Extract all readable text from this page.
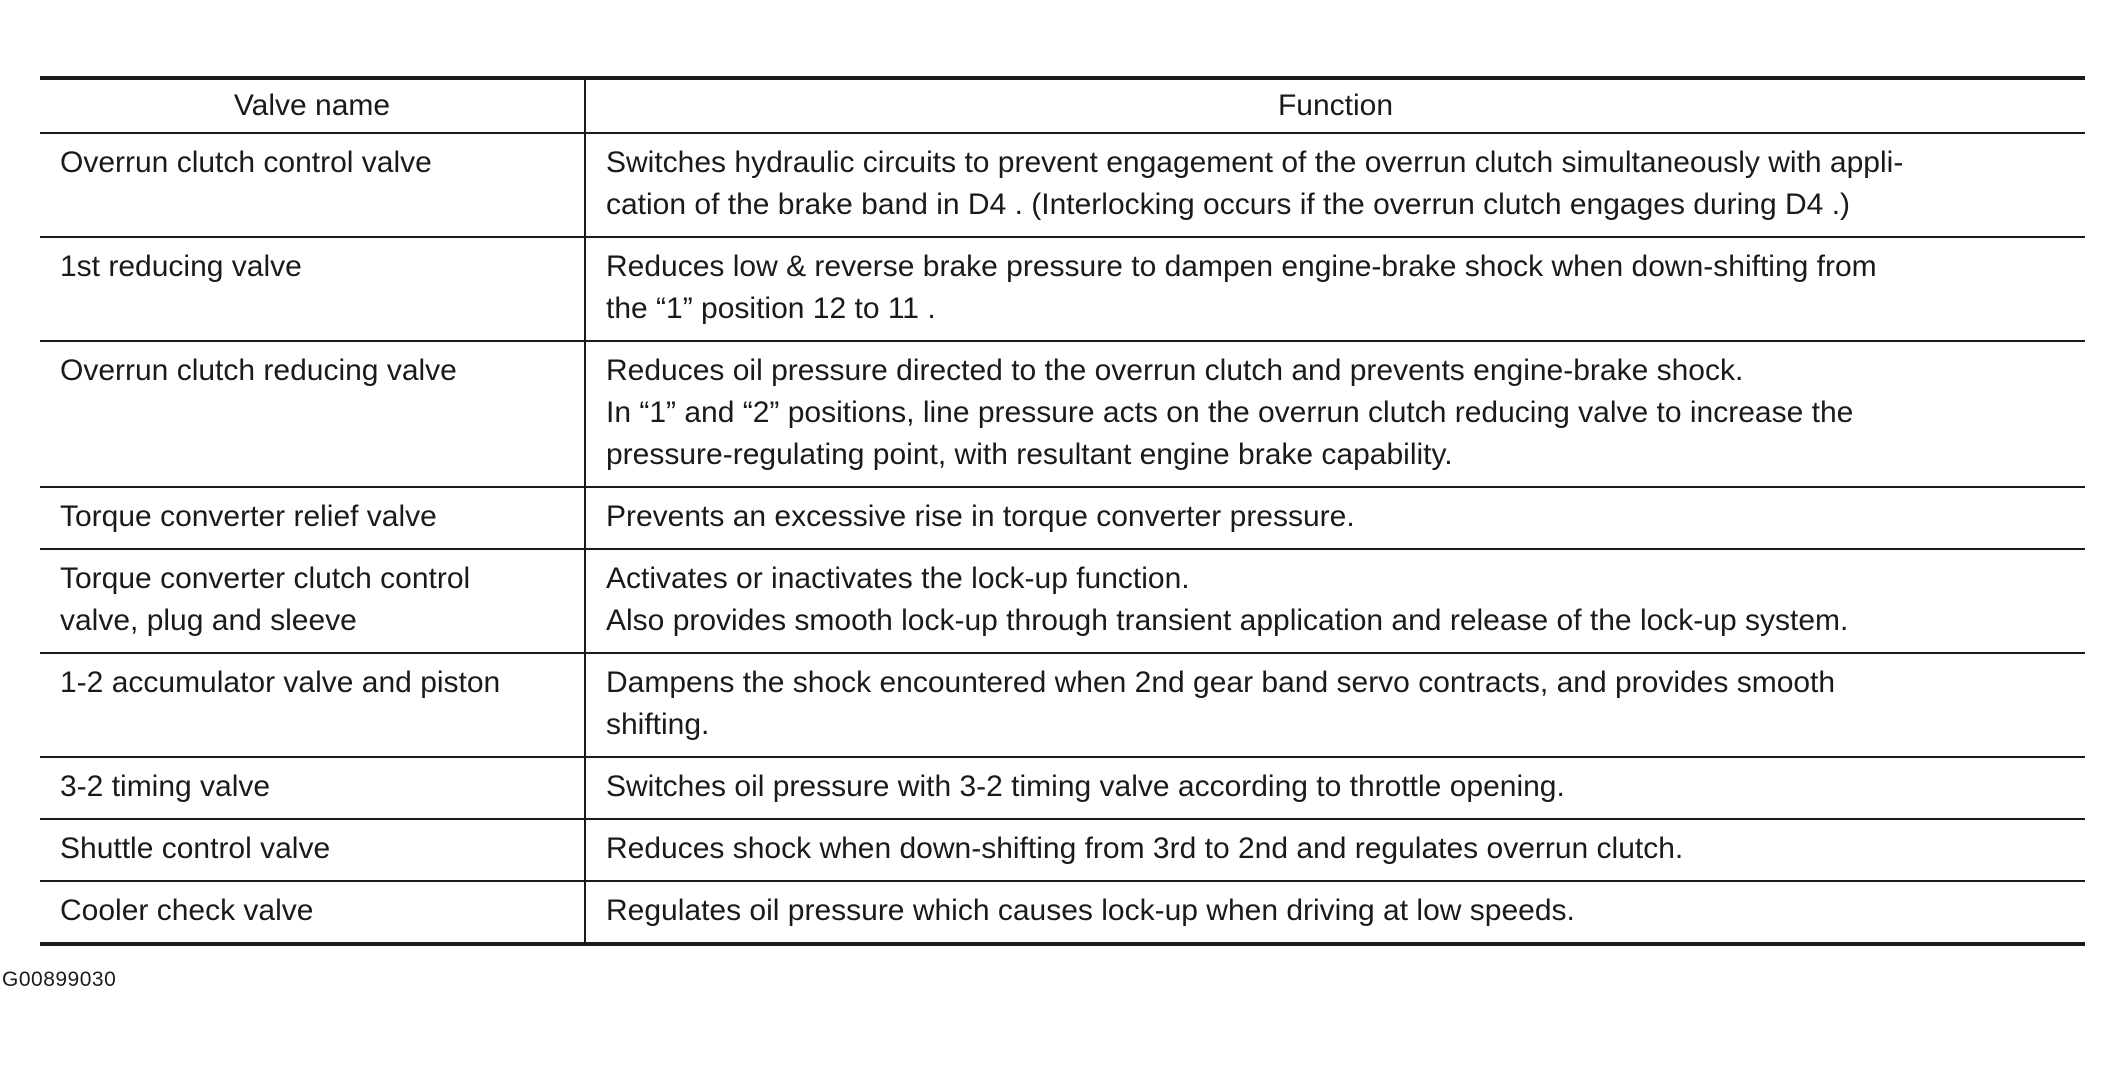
Valve name	Function

Overrun clutch control valve	Switches hydraulic circuits to prevent engagement of the overrun clutch simultaneously with appli-
cation of the brake band in D4 . (Interlocking occurs if the overrun clutch engages during D4 .)

1st reducing valve	Reduces low & reverse brake pressure to dampen engine-brake shock when down-shifting from
the “1” position 12 to 11 .

Overrun clutch reducing valve	Reduces oil pressure directed to the overrun clutch and prevents engine-brake shock.
In “1” and “2” positions, line pressure acts on the overrun clutch reducing valve to increase the
pressure-regulating point, with resultant engine brake capability.

Torque converter relief valve	Prevents an excessive rise in torque converter pressure.

Torque converter clutch control
valve, plug and sleeve	Activates or inactivates the lock-up function.
Also provides smooth lock-up through transient application and release of the lock-up system.

1-2 accumulator valve and piston	Dampens the shock encountered when 2nd gear band servo contracts, and provides smooth
shifting.

3-2 timing valve	Switches oil pressure with 3-2 timing valve according to throttle opening.

Shuttle control valve	Reduces shock when down-shifting from 3rd to 2nd and regulates overrun clutch.

Cooler check valve	Regulates oil pressure which causes lock-up when driving at low speeds.
G00899030
